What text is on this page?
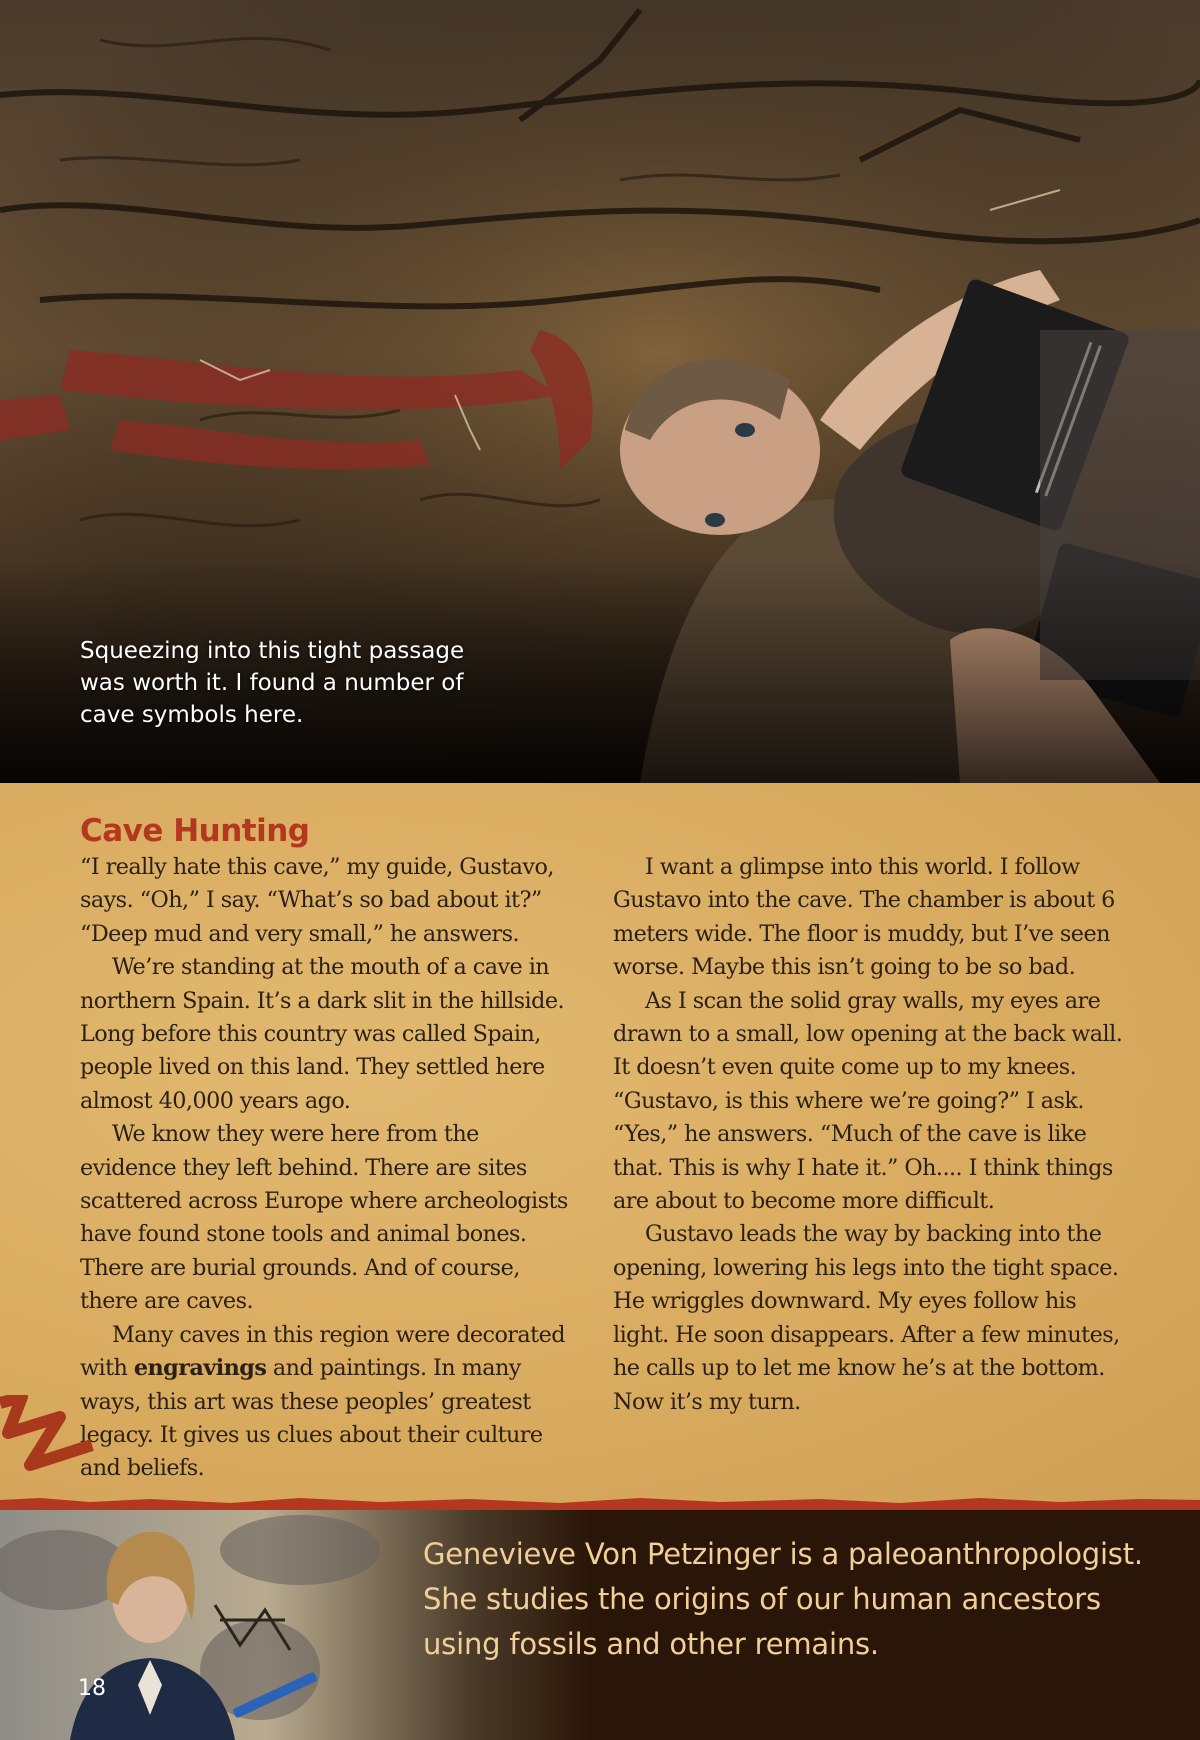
Squeezing into this tight passage was worth it. I found a number of cave symbols here.

Cave Hunting

“I really hate this cave,” my guide, Gustavo, says. “Oh,” I say. “What’s so bad about it?” “Deep mud and very small,” he answers.

We’re standing at the mouth of a cave in northern Spain. It’s a dark slit in the hillside. Long before this country was called Spain, people lived on this land. They settled here almost 40,000 years ago.

We know they were here from the evidence they left behind. There are sites scattered across Europe where archeologists have found stone tools and animal bones. There are burial grounds. And of course, there are caves.

Many caves in this region were decorated with engravings and paintings. In many ways, this art was these peoples’ greatest legacy. It gives us clues about their culture and beliefs.

I want a glimpse into this world. I follow Gustavo into the cave. The chamber is about 6 meters wide. The floor is muddy, but I’ve seen worse. Maybe this isn’t going to be so bad.

As I scan the solid gray walls, my eyes are drawn to a small, low opening at the back wall. It doesn’t even quite come up to my knees. “Gustavo, is this where we’re going?” I ask. “Yes,” he answers. “Much of the cave is like that. This is why I hate it.” Oh.... I think things are about to become more difficult.

Gustavo leads the way by backing into the opening, lowering his legs into the tight space. He wriggles downward. My eyes follow his light. He soon disappears. After a few minutes, he calls up to let me know he’s at the bottom. Now it’s my turn.

Genevieve Von Petzinger is a paleoanthropologist. She studies the origins of our human ancestors using fossils and other remains.

18
